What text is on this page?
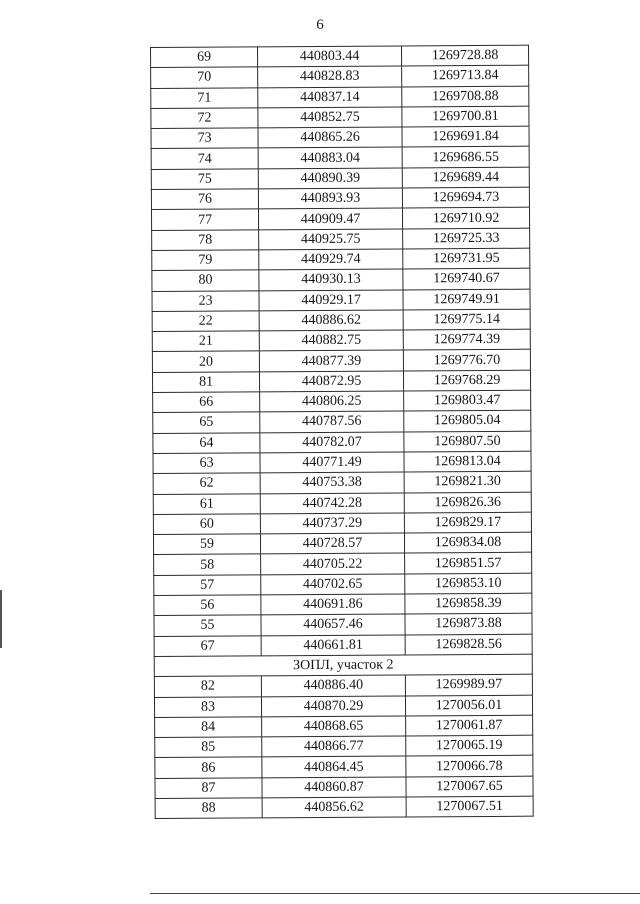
6
69	440803.44	1269728.88
70	440828.83	1269713.84
71	440837.14	1269708.88
72	440852.75	1269700.81
73	440865.26	1269691.84
74	440883.04	1269686.55
75	440890.39	1269689.44
76	440893.93	1269694.73
77	440909.47	1269710.92
78	440925.75	1269725.33
79	440929.74	1269731.95
80	440930.13	1269740.67
23	440929.17	1269749.91
22	440886.62	1269775.14
21	440882.75	1269774.39
20	440877.39	1269776.70
81	440872.95	1269768.29
66	440806.25	1269803.47
65	440787.56	1269805.04
64	440782.07	1269807.50
63	440771.49	1269813.04
62	440753.38	1269821.30
61	440742.28	1269826.36
60	440737.29	1269829.17
59	440728.57	1269834.08
58	440705.22	1269851.57
57	440702.65	1269853.10
56	440691.86	1269858.39
55	440657.46	1269873.88
67	440661.81	1269828.56
ЗОПЛ, участок 2		
82	440886.40	1269989.97
83	440870.29	1270056.01
84	440868.65	1270061.87
85	440866.77	1270065.19
86	440864.45	1270066.78
87	440860.87	1270067.65
88	440856.62	1270067.51
